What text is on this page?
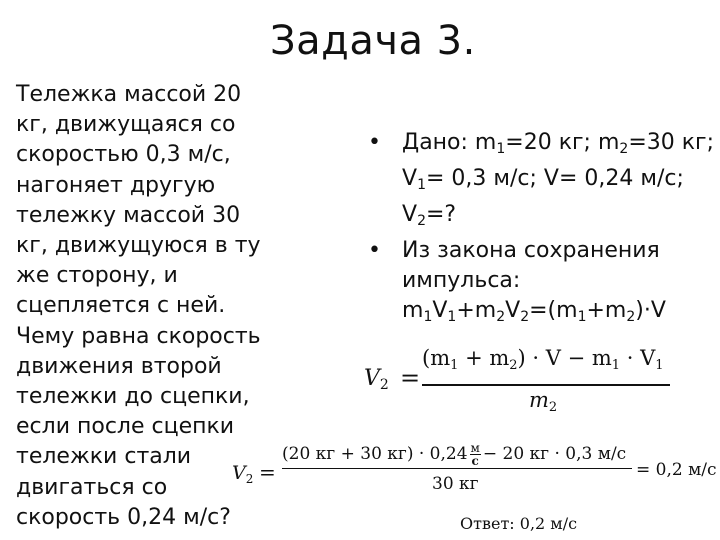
Задача 3.
Тележка массой 20
кг, движущаяся со
скоростью 0,3 м/с,
нагоняет другую
тележку массой 30
кг, движущуюся в ту
же сторону, и
сцепляется с ней.
Чему равна скорость
движения второй
тележки до сцепки,
если после сцепки
тележки стали
двигаться со
скорость 0,24 м/с?
• Дано: $m_1=20$ кг; $m_2=30$ кг;
$V_1= 0,3$ м/с; V= 0,24 м/с;
$V_2=$?
• Из закона сохранения
импульса:
$m_1V_1+m_2V_2=(m_1+m_2)\cdot V$
V2 =
(m1 + m2) · V − m1 · V1
m2
$V_2$ =
(20 кг + 30 кг) · 0,24 м
с − 20 кг · 0,3 м/с
30 кг
= 0,2 м/с
Ответ: 0,2 м/с
